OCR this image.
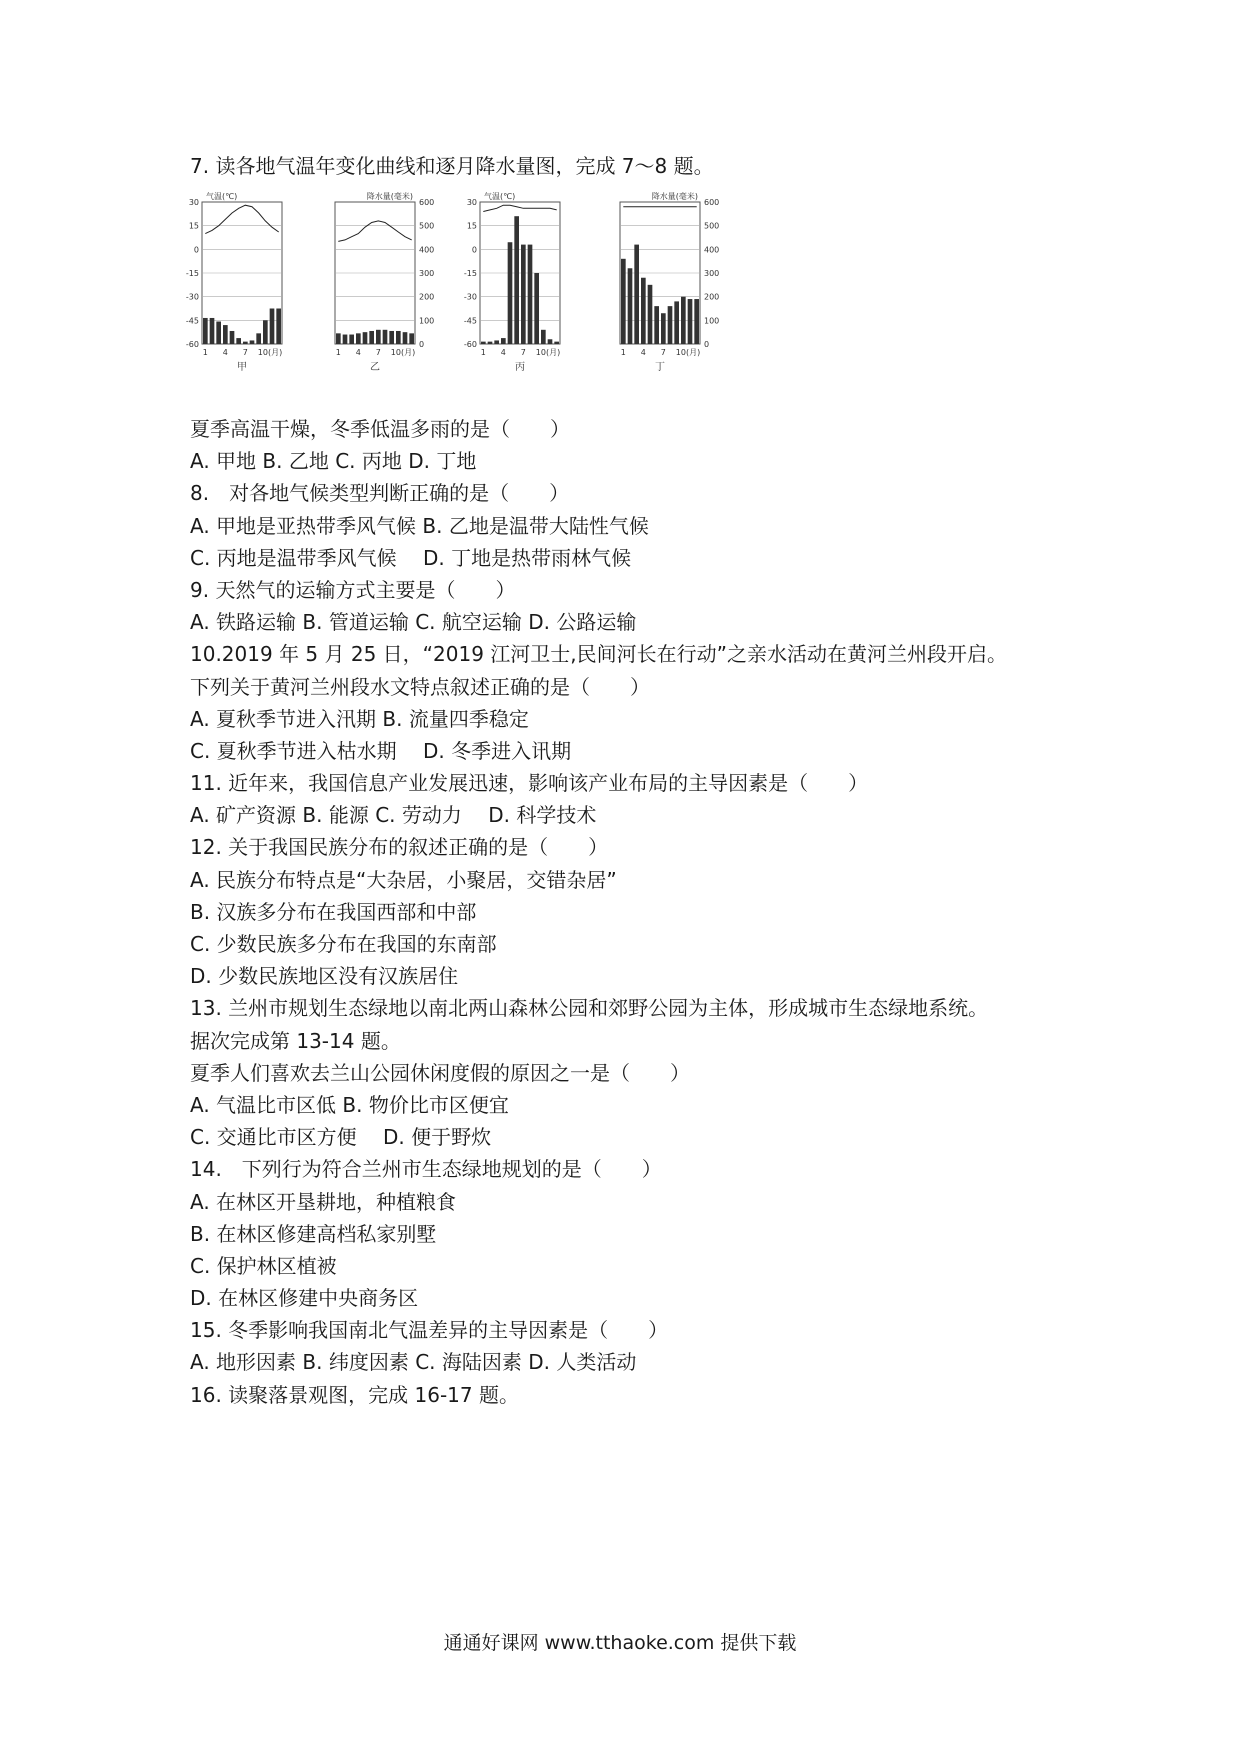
7. 读各地气温年变化曲线和逐月降水量图，完成 7～8 题。
气温(℃)
30
15
0
-15
-30
-45
-60
1 4 7 10(月)
甲
降水量(毫米)
600
500
400
300
200
100
0
1 4 7 10(月)
乙
气温(℃)
30
15
0
-15
-30
-45
-60
1 4 7 10(月)
丙
降水量(毫米)
600
500
400
300
200
100
0
1 4 7 10(月)
丁
夏季高温干燥，冬季低温多雨的是（　　）
A. 甲地 B. 乙地 C. 丙地 D. 丁地
8.　对各地气候类型判断正确的是（　　）
A. 甲地是亚热带季风气候 B. 乙地是温带大陆性气候
C. 丙地是温带季风气候　 D. 丁地是热带雨林气候
9. 天然气的运输方式主要是（　　）
A. 铁路运输 B. 管道运输 C. 航空运输 D. 公路运输
10.2019 年 5 月 25 日，“2019 江河卫士,民间河长在行动”之亲水活动在黄河兰州段开启。
下列关于黄河兰州段水文特点叙述正确的是（　　）
A. 夏秋季节进入汛期 B. 流量四季稳定
C. 夏秋季节进入枯水期　 D. 冬季进入讯期
11. 近年来，我国信息产业发展迅速，影响该产业布局的主导因素是（　　）
A. 矿产资源 B. 能源 C. 劳动力　 D. 科学技术
12. 关于我国民族分布的叙述正确的是（　　）
A. 民族分布特点是“大杂居，小聚居，交错杂居”
B. 汉族多分布在我国西部和中部
C. 少数民族多分布在我国的东南部
D. 少数民族地区没有汉族居住
13. 兰州市规划生态绿地以南北两山森林公园和郊野公园为主体，形成城市生态绿地系统。
据次完成第 13-14 题。
夏季人们喜欢去兰山公园休闲度假的原因之一是（　　）
A. 气温比市区低 B. 物价比市区便宜
C. 交通比市区方便　 D. 便于野炊
14.　下列行为符合兰州市生态绿地规划的是（　　）
A. 在林区开垦耕地，种植粮食
B. 在林区修建高档私家别墅
C. 保护林区植被
D. 在林区修建中央商务区
15. 冬季影响我国南北气温差异的主导因素是（　　）
A. 地形因素 B. 纬度因素 C. 海陆因素 D. 人类活动
16. 读聚落景观图，完成 16-17 题。
通通好课网 www.tthaoke.com 提供下载
